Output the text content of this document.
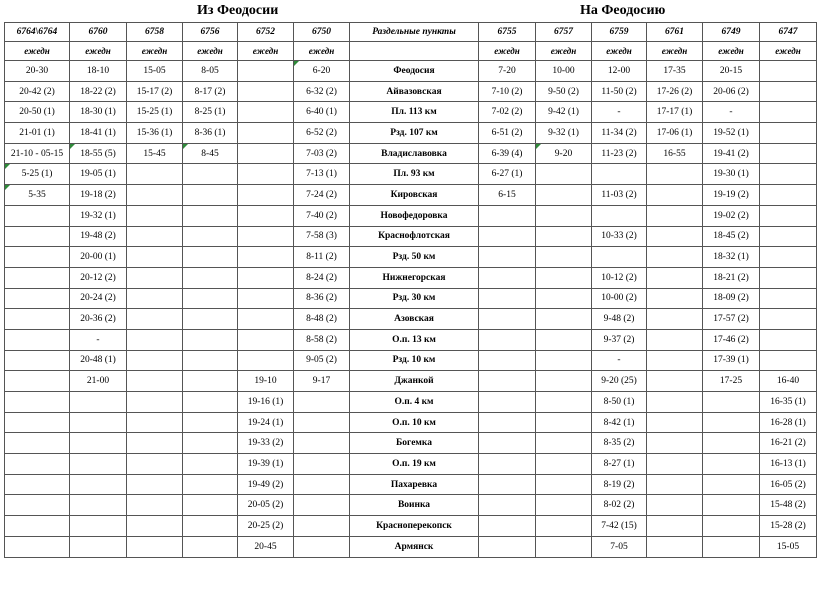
Из Феодосии	На Феодосию
6764\6764	6760	6758	6756	6752	6750	Раздельные пункты	6755	6757	6759	6761	6749	6747
ежедн	ежедн	ежедн	ежедн	ежедн	ежедн		ежедн	ежедн	ежедн	ежедн	ежедн	ежедн
20-30	18-10	15-05	8-05		6-20	Феодосия	7-20	10-00	12-00	17-35	20-15	
20-42 (2)	18-22 (2)	15-17 (2)	8-17 (2)		6-32 (2)	Айвазовская	7-10 (2)	9-50 (2)	11-50 (2)	17-26 (2)	20-06 (2)	
20-50 (1)	18-30 (1)	15-25 (1)	8-25 (1)		6-40 (1)	Пл. 113 км	7-02 (2)	9-42 (1)	-	17-17 (1)	-	
21-01 (1)	18-41 (1)	15-36 (1)	8-36 (1)		6-52 (2)	Рзд. 107 км	6-51 (2)	9-32 (1)	11-34 (2)	17-06 (1)	19-52 (1)	
21-10 - 05-15	18-55 (5)	15-45	8-45		7-03 (2)	Владиславовка	6-39 (4)	9-20	11-23 (2)	16-55	19-41 (2)	
5-25 (1)	19-05 (1)				7-13 (1)	Пл. 93 км	6-27 (1)				19-30 (1)	
5-35	19-18 (2)				7-24 (2)	Кировская	6-15		11-03 (2)		19-19 (2)	
	19-32 (1)				7-40 (2)	Новофедоровка					19-02 (2)	
	19-48 (2)				7-58 (3)	Краснофлотская			10-33 (2)		18-45 (2)	
	20-00 (1)				8-11 (2)	Рзд. 50 км					18-32 (1)	
	20-12 (2)				8-24 (2)	Нижнегорская			10-12 (2)		18-21 (2)	
	20-24 (2)				8-36 (2)	Рзд. 30 км			10-00 (2)		18-09 (2)	
	20-36 (2)				8-48 (2)	Азовская			9-48 (2)		17-57 (2)	
	-				8-58 (2)	О.п. 13 км			9-37 (2)		17-46 (2)	
	20-48 (1)				9-05 (2)	Рзд. 10 км			-		17-39 (1)	
	21-00			19-10	9-17	Джанкой			9-20 (25)		17-25	16-40
				19-16 (1)		О.п. 4 км			8-50 (1)			16-35 (1)
				19-24 (1)		О.п. 10 км			8-42 (1)			16-28 (1)
				19-33 (2)		Богемка			8-35 (2)			16-21 (2)
				19-39 (1)		О.п. 19 км			8-27 (1)			16-13 (1)
				19-49 (2)		Пахаревка			8-19 (2)			16-05 (2)
				20-05 (2)		Воинка			8-02 (2)			15-48 (2)
				20-25 (2)		Красноперекопск			7-42 (15)			15-28 (2)
				20-45		Армянск			7-05			15-05
